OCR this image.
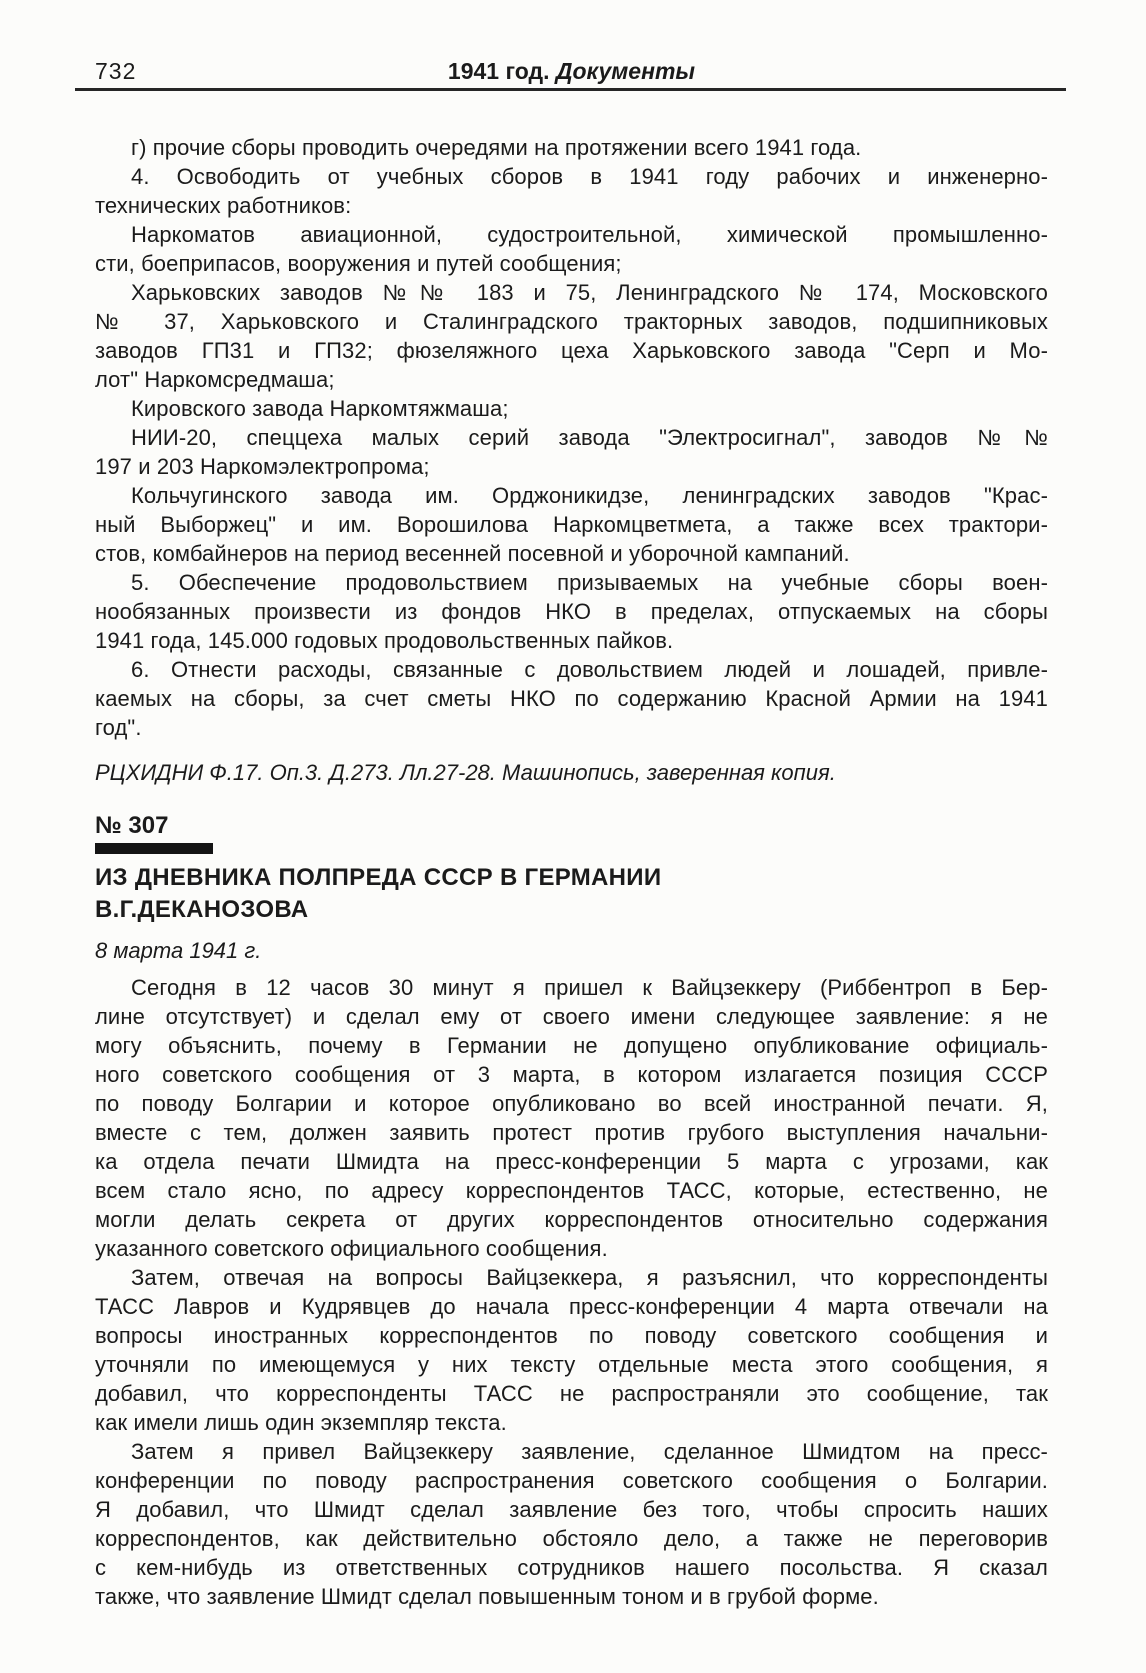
732	1941 год. Документы
г) прочие сборы проводить очередями на протяжении всего 1941 года.
4. Освободить от учебных сборов в 1941 году рабочих и инженерно-
технических работников:
Наркоматов авиационной, судостроительной, химической промышленно-
сти, боеприпасов, вооружения и путей сообщения;
Харьковских заводов №№ 183 и 75, Ленинградского № 174, Московского
№ 37, Харьковского и Сталинградского тракторных заводов, подшипниковых
заводов ГП31 и ГП32; фюзеляжного цеха Харьковского завода "Серп и Мо-
лот" Наркомсредмаша;
Кировского завода Наркомтяжмаша;
НИИ-20, спеццеха малых серий завода "Электросигнал", заводов №№
197 и 203 Наркомэлектропрома;
Кольчугинского завода им. Орджоникидзе, ленинградских заводов "Крас-
ный Выборжец" и им. Ворошилова Наркомцветмета, а также всех трактори-
стов, комбайнеров на период весенней посевной и уборочной кампаний.
5. Обеспечение продовольствием призываемых на учебные сборы воен-
нообязанных произвести из фондов НКО в пределах, отпускаемых на сборы
1941 года, 145.000 годовых продовольственных пайков.
6. Отнести расходы, связанные с довольствием людей и лошадей, привле-
каемых на сборы, за счет сметы НКО по содержанию Красной Армии на 1941
год".
РЦХИДНИ Ф.17. Оп.3. Д.273. Лл.27-28. Машинопись, заверенная копия.
№ 307
ИЗ ДНЕВНИКА ПОЛПРЕДА СССР В ГЕРМАНИИ
В.Г.ДЕКАНОЗОВА
8 марта 1941 г.
Сегодня в 12 часов 30 минут я пришел к Вайцзеккеру (Риббентроп в Бер-
лине отсутствует) и сделал ему от своего имени следующее заявление: я не
могу объяснить, почему в Германии не допущено опубликование официаль-
ного советского сообщения от 3 марта, в котором излагается позиция СССР
по поводу Болгарии и которое опубликовано во всей иностранной печати. Я,
вместе с тем, должен заявить протест против грубого выступления начальни-
ка отдела печати Шмидта на пресс-конференции 5 марта с угрозами, как
всем стало ясно, по адресу корреспондентов ТАСС, которые, естественно, не
могли делать секрета от других корреспондентов относительно содержания
указанного советского официального сообщения.
Затем, отвечая на вопросы Вайцзеккера, я разъяснил, что корреспонденты
ТАСС Лавров и Кудрявцев до начала пресс-конференции 4 марта отвечали на
вопросы иностранных корреспондентов по поводу советского сообщения и
уточняли по имеющемуся у них тексту отдельные места этого сообщения, я
добавил, что корреспонденты ТАСС не распространяли это сообщение, так
как имели лишь один экземпляр текста.
Затем я привел Вайцзеккеру заявление, сделанное Шмидтом на пресс-
конференции по поводу распространения советского сообщения о Болгарии.
Я добавил, что Шмидт сделал заявление без того, чтобы спросить наших
корреспондентов, как действительно обстояло дело, а также не переговорив
с кем-нибудь из ответственных сотрудников нашего посольства. Я сказал
также, что заявление Шмидт сделал повышенным тоном и в грубой форме.
